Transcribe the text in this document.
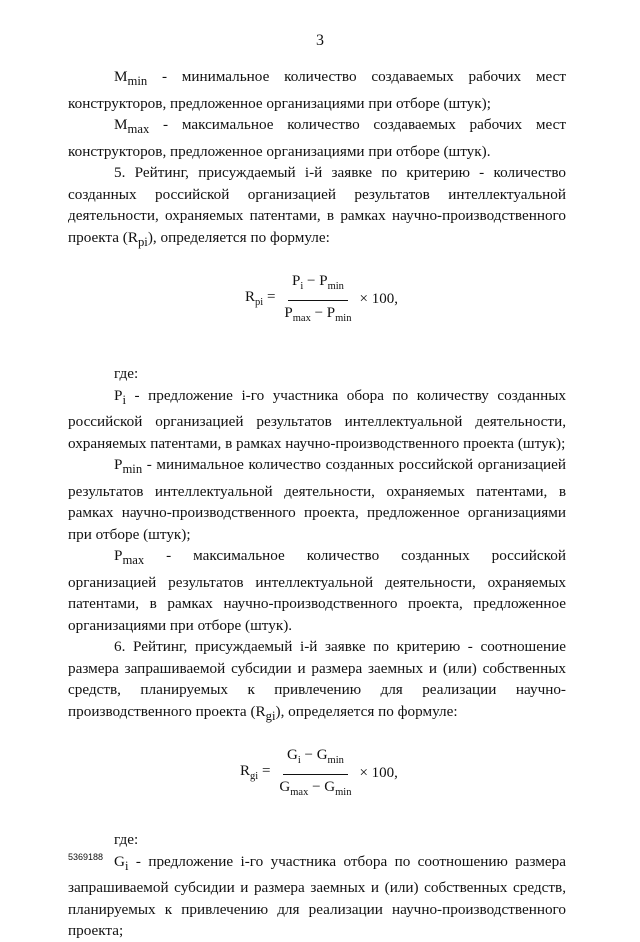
3

$M_{min}$ - минимальное количество создаваемых рабочих мест конструкторов, предложенное организациями при отборе (штук);

$M_{max}$ - максимальное количество создаваемых рабочих мест конструкторов, предложенное организациями при отборе (штук).

5. Рейтинг, присуждаемый i-й заявке по критерию - количество созданных российской организацией результатов интеллектуальной деятельности, охраняемых патентами, в рамках научно-производственного проекта $(R_{pi})$, определяется по формуле:

$R_{pi} = \frac{P_i - P_{min}}{P_{max} - P_{min}} \times 100$,

где:

$P_i$ - предложение i-го участника обора по количеству созданных российской организацией результатов интеллектуальной деятельности, охраняемых патентами, в рамках научно-производственного проекта (штук);

$P_{min}$ - минимальное количество созданных российской организацией результатов интеллектуальной деятельности, охраняемых патентами, в рамках научно-производственного проекта, предложенное организациями при отборе (штук);

$P_{max}$ - максимальное количество созданных российской организацией результатов интеллектуальной деятельности, охраняемых патентами, в рамках научно-производственного проекта, предложенное организациями при отборе (штук).

6. Рейтинг, присуждаемый i-й заявке по критерию - соотношение размера запрашиваемой субсидии и размера заемных и (или) собственных средств, планируемых к привлечению для реализации научно-производственного проекта $(R_{gi})$, определяется по формуле:

$R_{gi} = \frac{G_i - G_{min}}{G_{max} - G_{min}} \times 100$,

где:

$G_i$ - предложение i-го участника отбора по соотношению размера запрашиваемой субсидии и размера заемных и (или) собственных средств, планируемых к привлечению для реализации научно-производственного проекта;

5369188
